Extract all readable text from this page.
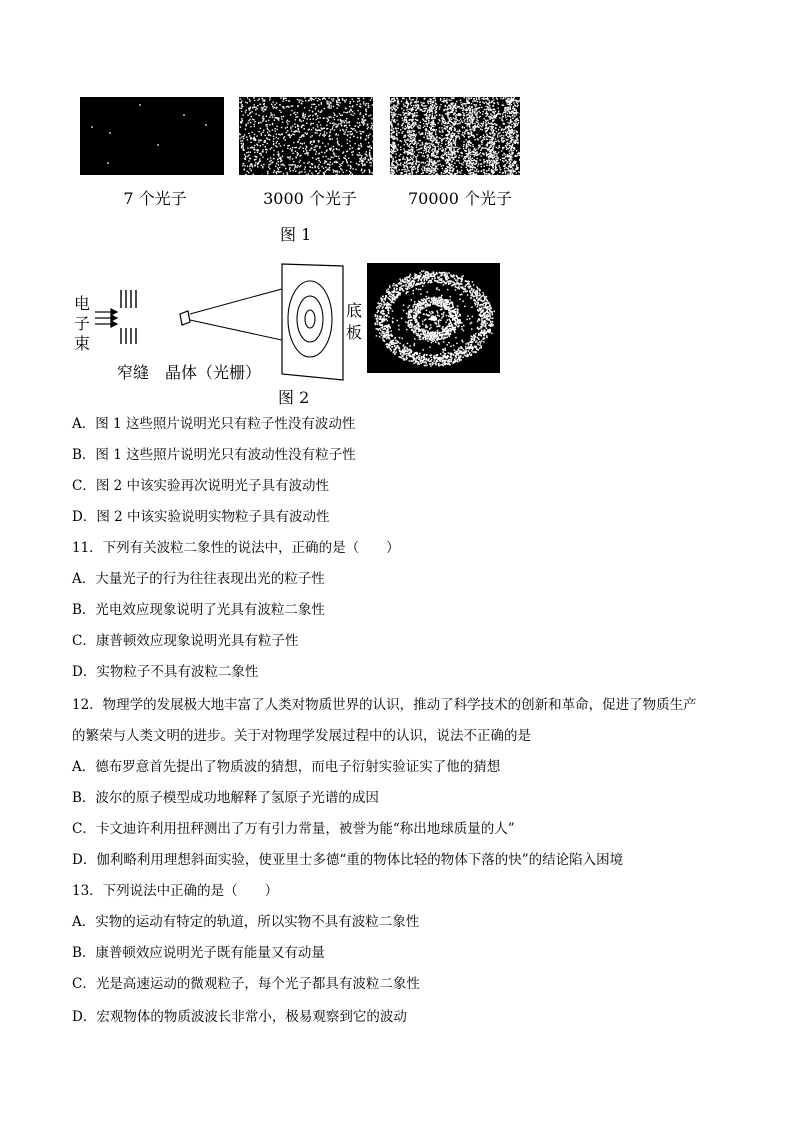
7 个光子	3000 个光子	70000 个光子
图 1
电
子
束
底
板
窄缝 晶体（光栅）
图 2
A．图 1 这些照片说明光只有粒子性没有波动性
B．图 1 这些照片说明光只有波动性没有粒子性
C．图 2 中该实验再次说明光子具有波动性
D．图 2 中该实验说明实物粒子具有波动性
11．下列有关波粒二象性的说法中，正确的是（　　）
A．大量光子的行为往往表现出光的粒子性
B．光电效应现象说明了光具有波粒二象性
C．康普顿效应现象说明光具有粒子性
D．实物粒子不具有波粒二象性
12．物理学的发展极大地丰富了人类对物质世界的认识，推动了科学技术的创新和革命，促进了物质生产
的繁荣与人类文明的进步。关于对物理学发展过程中的认识，说法不正确的是
A．德布罗意首先提出了物质波的猜想，而电子衍射实验证实了他的猜想
B．波尔的原子模型成功地解释了氢原子光谱的成因
C．卡文迪许利用扭秤测出了万有引力常量，被誉为能“称出地球质量的人”
D．伽利略利用理想斜面实验，使亚里士多德“重的物体比轻的物体下落的快”的结论陷入困境
13．下列说法中正确的是（　　）
A．实物的运动有特定的轨道，所以实物不具有波粒二象性
B．康普顿效应说明光子既有能量又有动量
C．光是高速运动的微观粒子，每个光子都具有波粒二象性
D．宏观物体的物质波波长非常小，极易观察到它的波动
